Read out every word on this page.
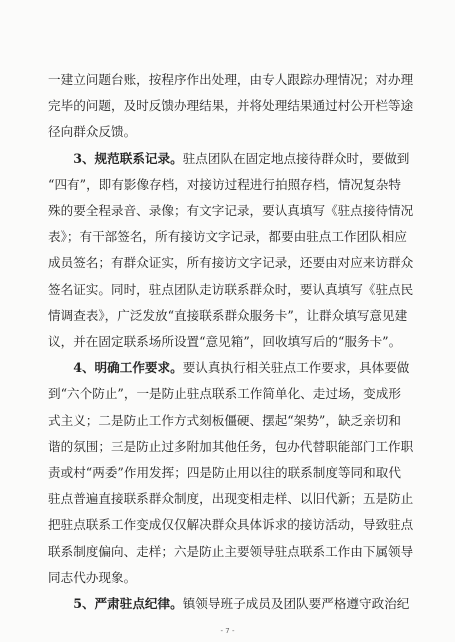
一建立问题台账，按程序作出处理，由专人跟踪办理情况；对办理
完毕的问题，及时反馈办理结果，并将处理结果通过村公开栏等途
径向群众反馈。

  3、规范联系记录。驻点团队在固定地点接待群众时，要做到
“四有”，即有影像存档，对接访过程进行拍照存档，情况复杂特
殊的要全程录音、录像；有文字记录，要认真填写《驻点接待情况
表》；有干部签名，所有接访文字记录，都要由驻点工作团队相应
成员签名；有群众证实，所有接访文字记录，还要由对应来访群众
签名证实。同时，驻点团队走访联系群众时，要认真填写《驻点民
情调查表》，广泛发放“直接联系群众服务卡”，让群众填写意见建
议，并在固定联系场所设置“意见箱”，回收填写后的“服务卡”。

  4、明确工作要求。要认真执行相关驻点工作要求，具体要做
到“六个防止”，一是防止驻点联系工作简单化、走过场，变成形
式主义；二是防止工作方式刻板僵硬、摆起“架势”，缺乏亲切和
谐的氛围；三是防止过多附加其他任务，包办代替职能部门工作职
责或村“两委”作用发挥；四是防止用以往的联系制度等同和取代
驻点普遍直接联系群众制度，出现变相走样、以旧代新；五是防止
把驻点联系工作变成仅仅解决群众具体诉求的接访活动，导致驻点
联系制度偏向、走样；六是防止主要领导驻点联系工作由下属领导
同志代办现象。

  5、严肃驻点纪律。镇领导班子成员及团队要严格遵守政治纪

- 7 -
